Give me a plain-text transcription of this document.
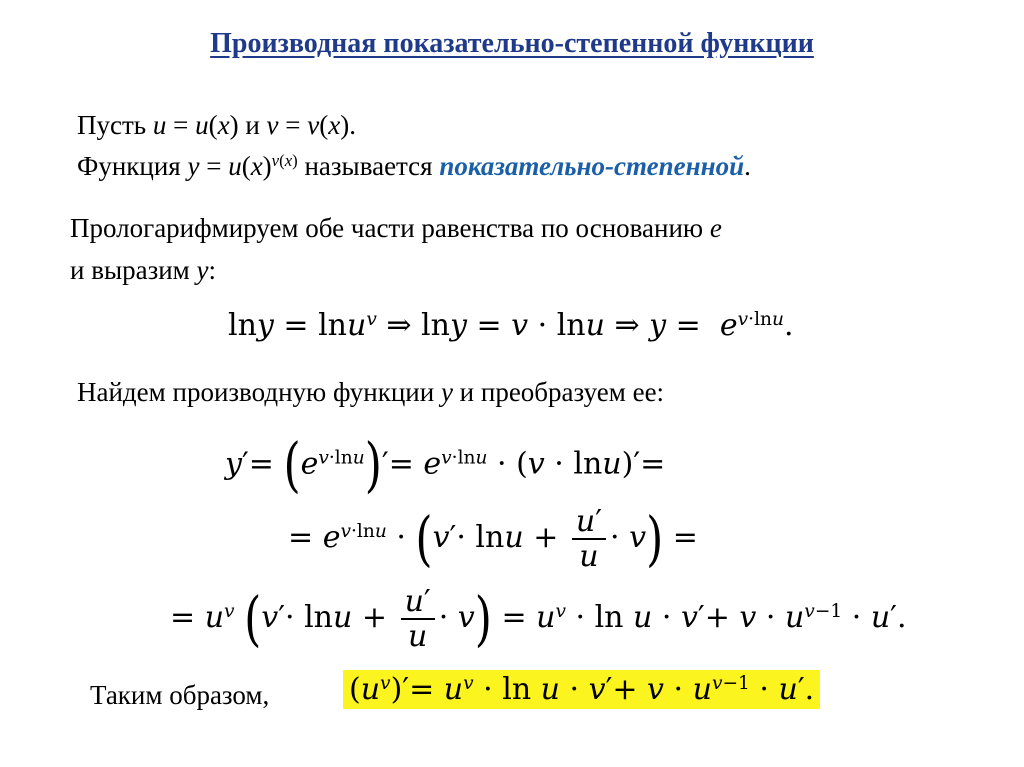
Производная показательно-степенной функции
Пусть u = u(x) и v = v(x).
Функция $y = u(x)^{v(x)}$ называется показательно-степенной.
Прологарифмируем обе части равенства по основанию e
и выразим y:
lny = lnu$^v$ ⇒ lny = v · lnu ⇒ $y = e^{v\cdot lnu}$.
Найдем производную функции y и преобразуем ее:
$y'= (e^{v\cdot lnu})'= e^{v\cdot lnu} \cdot (v \cdot \ln u)'=$
= $e^{v\cdot lnu} \cdot (v'\cdot \ln u + \frac{u'}{u} \cdot v)$ =
= $u^v$ $(v'\cdot \ln u + \frac{u'}{u} \cdot v) = u^v \cdot \ln u \cdot v'+ v \cdot u^{v-1} \cdot u'$.
Таким образом,	$(u^v)'= u^v \cdot \ln u \cdot v'+ v \cdot u^{v-1} \cdot u'$.
